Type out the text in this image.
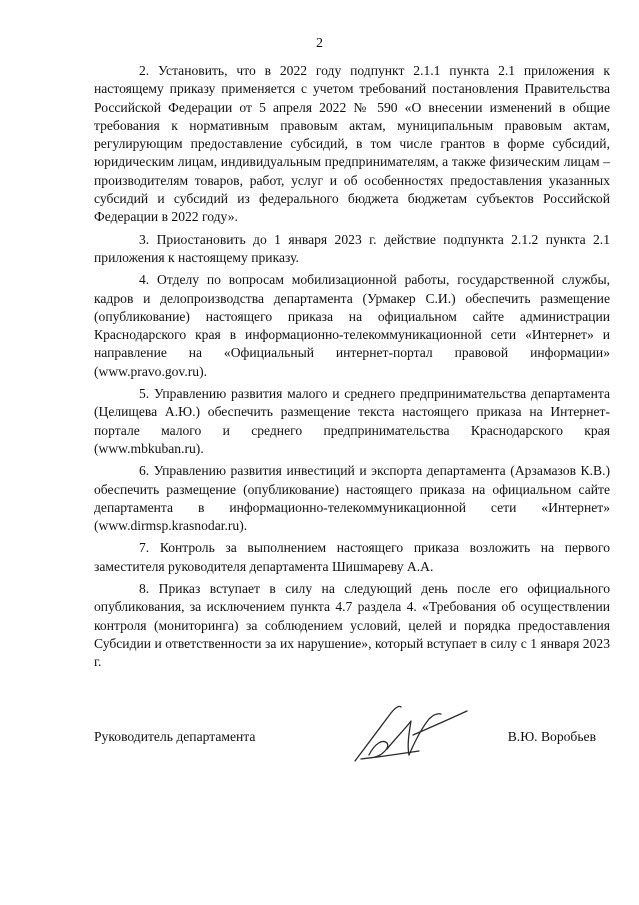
2

2. Установить, что в 2022 году подпункт 2.1.1 пункта 2.1 приложения к настоящему приказу применяется с учетом требований постановления Правительства Российской Федерации от 5 апреля 2022 № 590 «О внесении изменений в общие требования к нормативным правовым актам, муниципальным правовым актам, регулирующим предоставление субсидий, в том числе грантов в форме субсидий, юридическим лицам, индивидуальным предпринимателям, а также физическим лицам – производителям товаров, работ, услуг и об особенностях предоставления указанных субсидий и субсидий из федерального бюджета бюджетам субъектов Российской Федерации в 2022 году».

3. Приостановить до 1 января 2023 г. действие подпункта 2.1.2 пункта 2.1 приложения к настоящему приказу.

4. Отделу по вопросам мобилизационной работы, государственной службы, кадров и делопроизводства департамента (Урмакер С.И.) обеспечить размещение (опубликование) настоящего приказа на официальном сайте администрации Краснодарского края в информационно-телекоммуникационной сети «Интернет» и направление на «Официальный интернет-портал правовой информации» (www.pravo.gov.ru).

5. Управлению развития малого и среднего предпринимательства департамента (Целищева А.Ю.) обеспечить размещение текста настоящего приказа на Интернет-портале малого и среднего предпринимательства Краснодарского края (www.mbkuban.ru).

6. Управлению развития инвестиций и экспорта департамента (Арзамазов К.В.) обеспечить размещение (опубликование) настоящего приказа на официальном сайте департамента в информационно-телекоммуникационной сети «Интернет» (www.dirmsp.krasnodar.ru).

7. Контроль за выполнением настоящего приказа возложить на первого заместителя руководителя департамента Шишмареву А.А.

8. Приказ вступает в силу на следующий день после его официального опубликования, за исключением пункта 4.7 раздела 4. «Требования об осуществлении контроля (мониторинга) за соблюдением условий, целей и порядка предоставления Субсидии и ответственности за их нарушение», который вступает в силу с 1 января 2023 г.

Руководитель департамента	В.Ю. Воробьев
